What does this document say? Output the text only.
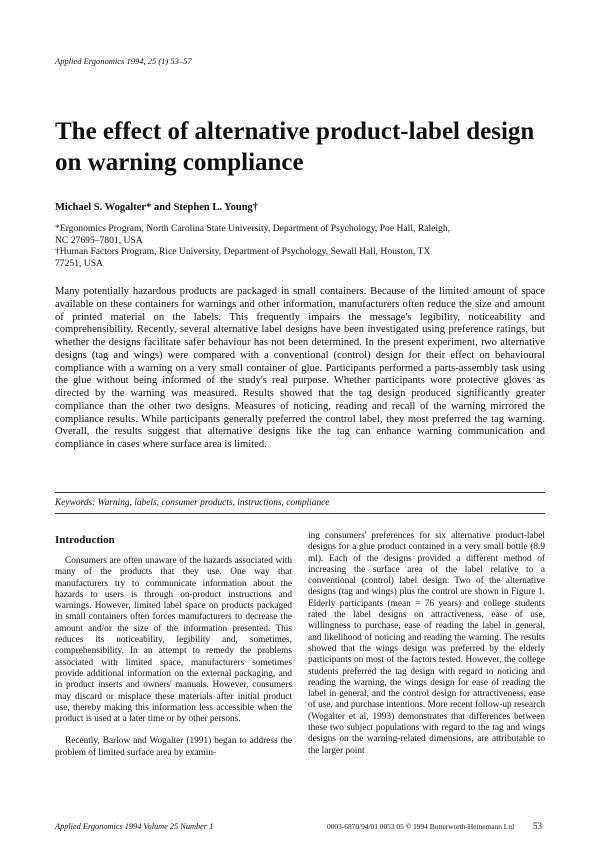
Applied Ergonomics 1994, 25 (1) 53–57
The effect of alternative product-label design on warning compliance
Michael S. Wogalter* and Stephen L. Young†

*Ergonomics Program, North Carolina State University, Department of Psychology, Poe Hall, Raleigh, NC 27695–7801, USA

†Human Factors Program, Rice University, Department of Psychology, Sewall Hall, Houston, TX 77251, USA

Many potentially hazardous products are packaged in small containers. Because of the limited amount of space available on these containers for warnings and other information, manufacturers often reduce the size and amount of printed material on the labels. This frequently impairs the message's legibility, noticeability and comprehensibility. Recently, several alternative label designs have been investigated using preference ratings, but whether the designs facilitate safer behaviour has not been determined. In the present experiment, two alternative designs (tag and wings) were compared with a conventional (control) design for their effect on behavioural compliance with a warning on a very small container of glue. Participants performed a parts-assembly task using the glue without being informed of the study's real purpose. Whether participants wore protective gloves as directed by the warning was measured. Results showed that the tag design produced significantly greater compliance than the other two designs. Measures of noticing, reading and recall of the warning mirrored the compliance results. While participants generally preferred the control label, they most preferred the tag warning. Overall, the results suggest that alternative designs like the tag can enhance warning communication and compliance in cases where surface area is limited.

Keywords: Warning, labels, consumer products, instructions, compliance
Introduction

Consumers are often unaware of the hazards associated with many of the products that they use. One way that manufacturers try to communicate information about the hazards to users is through on-product instructions and warnings. However, limited label space on products packaged in small containers often forces manufacturers to decrease the amount and/or the size of the information presented. This reduces its noticeability, legibility and, sometimes, comprehensibility. In an attempt to remedy the problems associated with limited space, manufacturers sometimes provide additional information on the external packaging, and in product inserts and owners' manuals. However, consumers may discard or misplace these materials after initial product use, thereby making this information less accessible when the product is used at a later time or by other persons.

Recently, Barlow and Wogalter (1991) began to address the problem of limited surface area by examin-

ing consumers' preferences for six alternative product-label designs for a glue product contained in a very small bottle (8.9 ml). Each of the designs provided a different method of increasing the surface area of the label relative to a conventional (control) label design. Two of the alternative designs (tag and wings) plus the control are shown in Figure 1. Elderly participants (mean = 76 years) and college students rated the label designs on attractiveness, ease of use, willingness to purchase, ease of reading the label in general, and likelihood of noticing and reading the warning. The results showed that the wings design was preferred by the elderly participants on most of the factors tested. However, the college students preferred the tag design with regard to noticing and reading the warning, the wings design for ease of reading the label in general, and the control design for attractiveness, ease of use, and purchase intentions. More recent follow-up research (Wogalter et al, 1993) demonstrates that differences between these two subject populations with regard to the tag and wings designs on the warning-related dimensions, are attributable to the larger point

Applied Ergonomics 1994 Volume 25 Number 1	0003-6870/94/01 0053 05 © 1994 Butterworth-Heinemann Ltd 53
